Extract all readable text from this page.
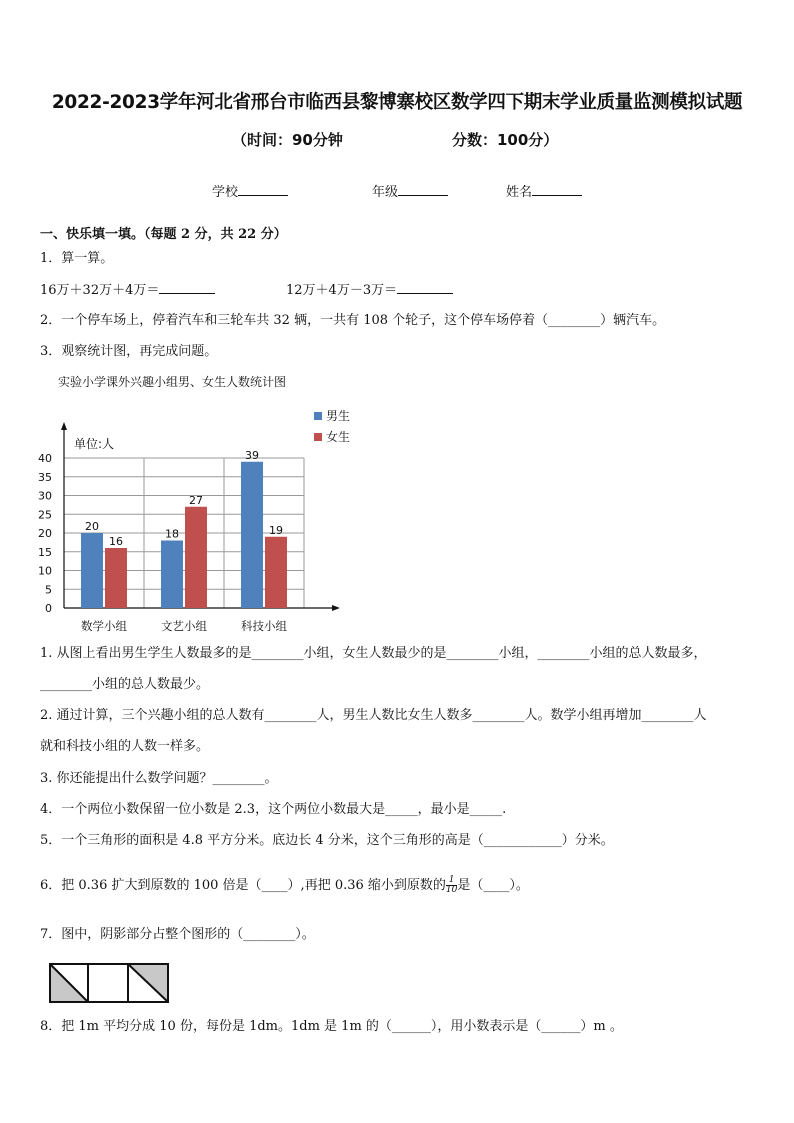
2022-2023学年河北省邢台市临西县黎博寨校区数学四下期末学业质量监测模拟试题
（时间：90分钟	分数：100分）
学校	年级	姓名
一、快乐填一填。（每题 2 分，共 22 分）
1．算一算。
16万＋32万＋4万＝	12万＋4万－3万＝
2．一个停车场上，停着汽车和三轮车共 32 辆，一共有 108 个轮子，这个停车场停着（________）辆汽车。
3．观察统计图，再完成问题。
实验小学课外兴趣小组男、女生人数统计图
0
5
10
15
20
25
30
35
40
单位:人
20
16
数学小组
18
27
文艺小组
39
19
科技小组
男生
女生
1. 从图上看出男生学生人数最多的是________小组，女生人数最少的是________小组，________小组的总人数最多，
________小组的总人数最少。
2. 通过计算，三个兴趣小组的总人数有________人，男生人数比女生人数多________人。数学小组再增加________人
就和科技小组的人数一样多。
3. 你还能提出什么数学问题？________。
4．一个两位小数保留一位小数是 2.3，这个两位小数最大是_____，最小是_____.
5．一个三角形的面积是 4.8 平方分米。底边长 4 分米，这个三角形的高是（____________）分米。
6．把 0.36 扩大到原数的 100 倍是（____）,再把 0.36 缩小到原数的 $\frac{1}{10}$ 是（____）。
7．图中，阴影部分占整个图形的（________）。
8．把 1m 平均分成 10 份，每份是 1dm。1dm 是 1m 的（______），用小数表示是（______）m 。
